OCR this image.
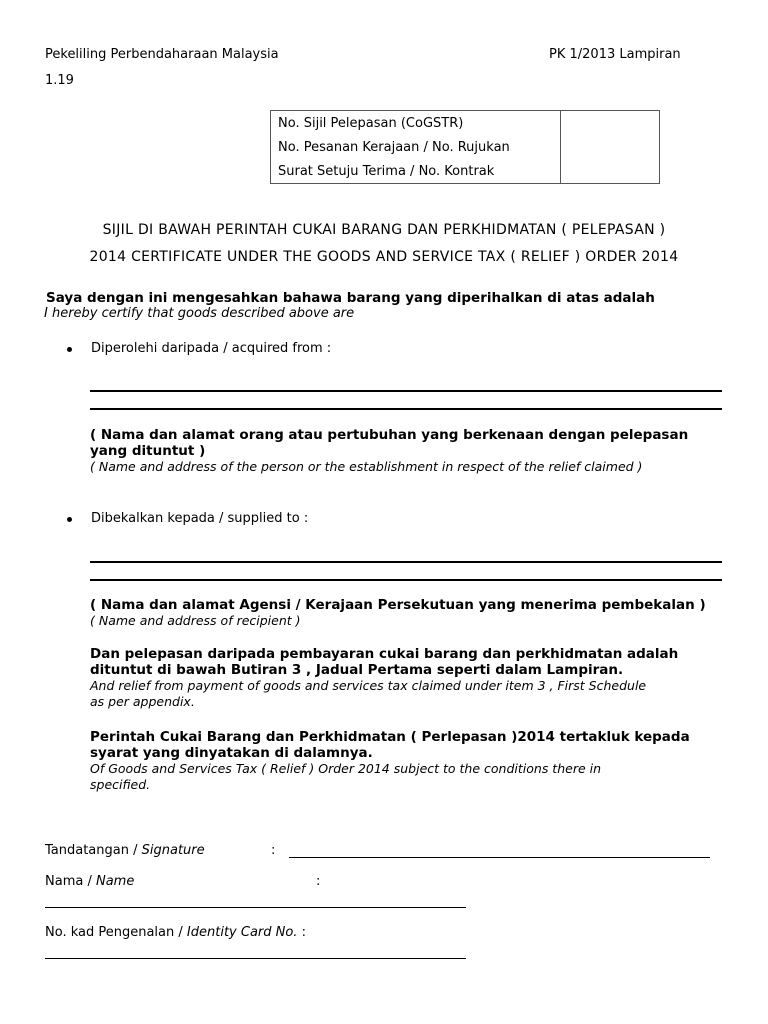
Pekeliling Perbendaharaan Malaysia	PK 1/2013 Lampiran
1.19
No. Sijil Pelepasan (CoGSTR)
No. Pesanan Kerajaan / No. Rujukan
Surat Setuju Terima / No. Kontrak
SIJIL DI BAWAH PERINTAH CUKAI BARANG DAN PERKHIDMATAN ( PELEPASAN )
2014 CERTIFICATE UNDER THE GOODS AND SERVICE TAX ( RELIEF ) ORDER 2014
Saya dengan ini mengesahkan bahawa barang yang diperihalkan di atas adalah
I hereby certify that goods described above are
Diperolehi daripada / acquired from :
( Nama dan alamat orang atau pertubuhan yang berkenaan dengan pelepasan
yang dituntut )
( Name and address of the person or the establishment in respect of the relief claimed )
Dibekalkan kepada / supplied to :
( Nama dan alamat Agensi / Kerajaan Persekutuan yang menerima pembekalan )
( Name and address of recipient )
Dan pelepasan daripada pembayaran cukai barang dan perkhidmatan adalah
dituntut di bawah Butiran 3 , Jadual Pertama seperti dalam Lampiran.
And relief from payment of goods and services tax claimed under item 3 , First Schedule
as per appendix.
Perintah Cukai Barang dan Perkhidmatan ( Perlepasan )2014 tertakluk kepada
syarat yang dinyatakan di dalamnya.
Of Goods and Services Tax ( Relief ) Order 2014 subject to the conditions there in
specified.
Tandatangan / Signature	:
Nama / Name	:
No. kad Pengenalan / Identity Card No. :
